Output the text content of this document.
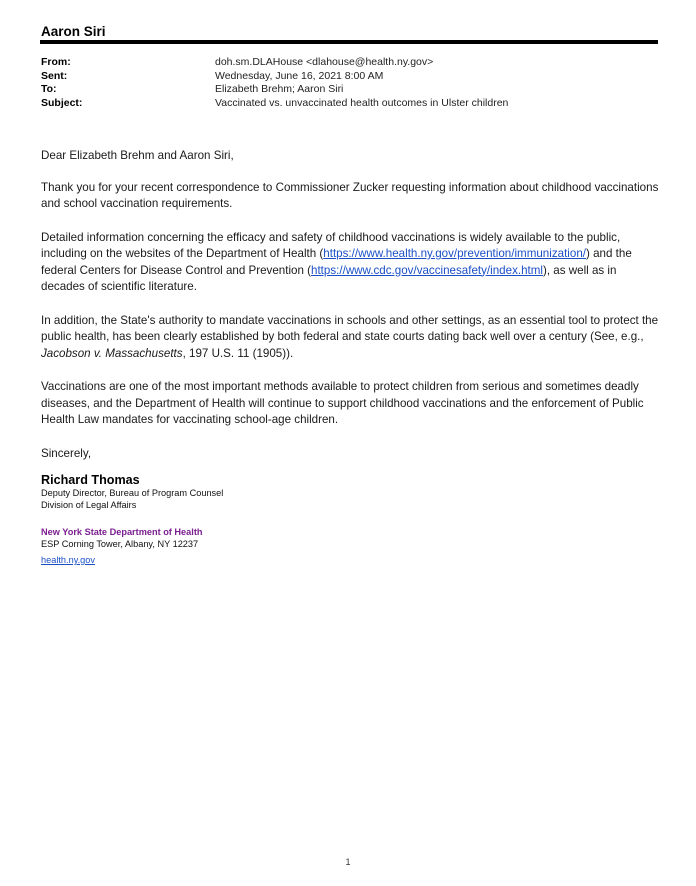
Aaron Siri
From:	doh.sm.DLAHouse <dlahouse@health.ny.gov>
Sent:	Wednesday, June 16, 2021 8:00 AM
To:	Elizabeth Brehm; Aaron Siri
Subject:	Vaccinated vs. unvaccinated health outcomes in Ulster children

Dear Elizabeth Brehm and Aaron Siri,

Thank you for your recent correspondence to Commissioner Zucker requesting information about childhood vaccinations and school vaccination requirements.

Detailed information concerning the efficacy and safety of childhood vaccinations is widely available to the public, including on the websites of the Department of Health (https://www.health.ny.gov/prevention/immunization/) and the federal Centers for Disease Control and Prevention (https://www.cdc.gov/vaccinesafety/index.html), as well as in decades of scientific literature.

In addition, the State's authority to mandate vaccinations in schools and other settings, as an essential tool to protect the public health, has been clearly established by both federal and state courts dating back well over a century (See, e.g., Jacobson v. Massachusetts, 197 U.S. 11 (1905)).

Vaccinations are one of the most important methods available to protect children from serious and sometimes deadly diseases, and the Department of Health will continue to support childhood vaccinations and the enforcement of Public Health Law mandates for vaccinating school-age children.

Sincerely,

Richard Thomas
Deputy Director, Bureau of Program Counsel
Division of Legal Affairs
New York State Department of Health
ESP Corning Tower, Albany, NY 12237
health.ny.gov
1
